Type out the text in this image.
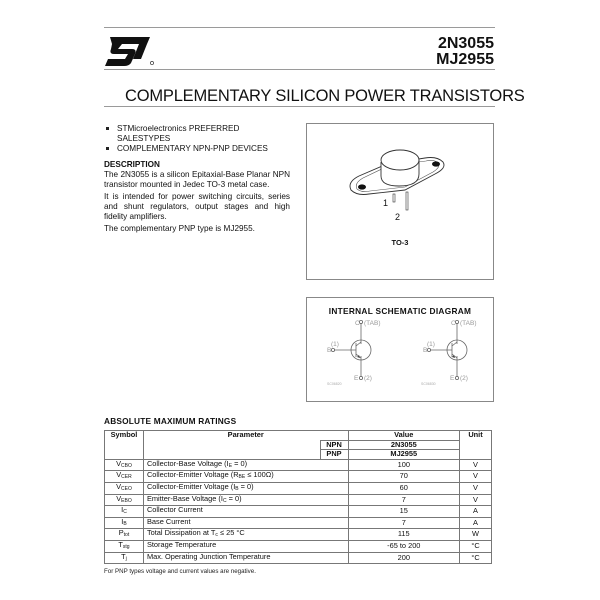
2N3055
MJ2955
COMPLEMENTARY SILICON POWER TRANSISTORS
STMicroelectronics PREFERRED SALESTYPES
COMPLEMENTARY NPN-PNP DEVICES
DESCRIPTION

The 2N3055 is a silicon Epitaxial-Base Planar NPN transistor mounted in Jedec TO-3 metal case.

It is intended for power switching circuits, series and shunt regulators, output stages and high fidelity amplifiers.

The complementary PNP type is MJ2955.

1
2
TO-3
INTERNAL SCHEMATIC DIAGRAM
C (TAB)
B
(1)
E (2)
C (TAB)
B
(1)
E (2)
SC06820	SC06830
ABSOLUTE MAXIMUM RATINGS
Symbol	Parameter		Value	Unit
		NPN	2N3055	
		PNP	MJ2955	
VCBO	Collector-Base Voltage (IE = 0)		100	V
VCER	Collector-Emitter Voltage (RBE ≤ 100Ω)		70	V
VCEO	Collector-Emitter Voltage (IB = 0)		60	V
VEBO	Emitter-Base Voltage (IC = 0)		7	V
IC	Collector Current		15	A
IB	Base Current		7	A
Ptot	Total Dissipation at Tc ≤ 25 °C		115	W
Tstg	Storage Temperature		-65 to 200	°C
Tj	Max. Operating Junction Temperature		200	°C
For PNP types voltage and current values are negative.
